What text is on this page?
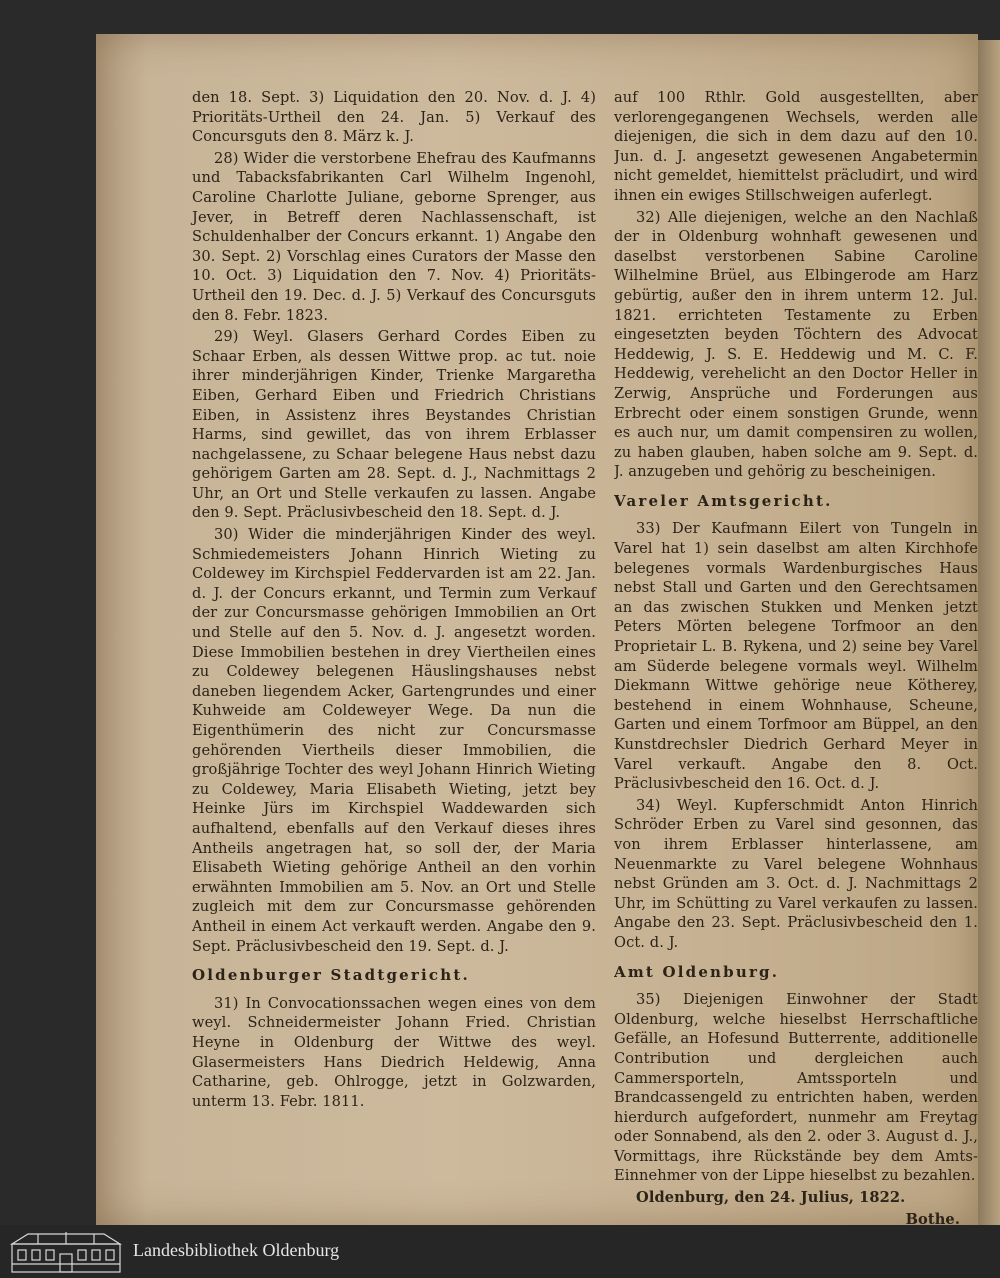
den 18. Sept. 3) Liquidation den 20. Nov. d. J. 4) Prioritäts-Urtheil den 24. Jan. 5) Verkauf des Concursguts den 8. März k. J.

28) Wider die verstorbene Ehefrau des Kaufmanns und Tabacksfabrikanten Carl Wilhelm Ingenohl, Caroline Charlotte Juliane, geborne Sprenger, aus Jever, in Betreff deren Nachlassenschaft, ist Schuldenhalber der Concurs erkannt. 1) Angabe den 30. Sept. 2) Vorschlag eines Curators der Masse den 10. Oct. 3) Liquidation den 7. Nov. 4) Prioritäts-Urtheil den 19. Dec. d. J. 5) Verkauf des Concursguts den 8. Febr. 1823.

29) Weyl. Glasers Gerhard Cordes Eiben zu Schaar Erben, als dessen Wittwe prop. ac tut. noie ihrer minderjährigen Kinder, Trienke Margaretha Eiben, Gerhard Eiben und Friedrich Christians Eiben, in Assistenz ihres Beystandes Christian Harms, sind gewillet, das von ihrem Erblasser nachgelassene, zu Schaar belegene Haus nebst dazu gehörigem Garten am 28. Sept. d. J., Nachmittags 2 Uhr, an Ort und Stelle verkaufen zu lassen. Angabe den 9. Sept. Präclusivbescheid den 18. Sept. d. J.

30) Wider die minderjährigen Kinder des weyl. Schmiedemeisters Johann Hinrich Wieting zu Coldewey im Kirchspiel Feddervarden ist am 22. Jan. d. J. der Concurs erkannt, und Termin zum Verkauf der zur Concursmasse gehörigen Immobilien an Ort und Stelle auf den 5. Nov. d. J. angesetzt worden. Diese Immobilien bestehen in drey Viertheilen eines zu Coldewey belegenen Häuslingshauses nebst daneben liegendem Acker, Gartengrundes und einer Kuhweide am Coldeweyer Wege. Da nun die Eigenthümerin des nicht zur Concursmasse gehörenden Viertheils dieser Immobilien, die großjährige Tochter des weyl Johann Hinrich Wieting zu Coldewey, Maria Elisabeth Wieting, jetzt bey Heinke Jürs im Kirchspiel Waddewarden sich aufhaltend, ebenfalls auf den Verkauf dieses ihres Antheils angetragen hat, so soll der, der Maria Elisabeth Wieting gehörige Antheil an den vorhin erwähnten Immobilien am 5. Nov. an Ort und Stelle zugleich mit dem zur Concursmasse gehörenden Antheil in einem Act verkauft werden. Angabe den 9. Sept. Präclusivbescheid den 19. Sept. d. J.

Oldenburger Stadtgericht.

31) In Convocationssachen wegen eines von dem weyl. Schneidermeister Johann Fried. Christian Heyne in Oldenburg der Wittwe des weyl. Glasermeisters Hans Diedrich Heldewig, Anna Catharine, geb. Ohlrogge, jetzt in Golzwarden, unterm 13. Febr. 1811.

auf 100 Rthlr. Gold ausgestellten, aber verlorengegangenen Wechsels, werden alle diejenigen, die sich in dem dazu auf den 10. Jun. d. J. angesetzt gewesenen Angabetermin nicht gemeldet, hiemittelst präcludirt, und wird ihnen ein ewiges Stillschweigen auferlegt.

32) Alle diejenigen, welche an den Nachlaß der in Oldenburg wohnhaft gewesenen und daselbst verstorbenen Sabine Caroline Wilhelmine Brüel, aus Elbingerode am Harz gebürtig, außer den in ihrem unterm 12. Jul. 1821. errichteten Testamente zu Erben eingesetzten beyden Töchtern des Advocat Heddewig, J. S. E. Heddewig und M. C. F. Heddewig, verehelicht an den Doctor Heller in Zerwig, Ansprüche und Forderungen aus Erbrecht oder einem sonstigen Grunde, wenn es auch nur, um damit compensiren zu wollen, zu haben glauben, haben solche am 9. Sept. d. J. anzugeben und gehörig zu bescheinigen.

Vareler Amtsgericht.

33) Der Kaufmann Eilert von Tungeln in Varel hat 1) sein daselbst am alten Kirchhofe belegenes vormals Wardenburgisches Haus nebst Stall und Garten und den Gerechtsamen an das zwischen Stukken und Menken jetzt Peters Mörten belegene Torfmoor an den Proprietair L. B. Rykena, und 2) seine bey Varel am Süderde belegene vormals weyl. Wilhelm Diekmann Wittwe gehörige neue Kötherey, bestehend in einem Wohnhause, Scheune, Garten und einem Torfmoor am Büppel, an den Kunstdrechsler Diedrich Gerhard Meyer in Varel verkauft. Angabe den 8. Oct. Präclusivbescheid den 16. Oct. d. J.

34) Weyl. Kupferschmidt Anton Hinrich Schröder Erben zu Varel sind gesonnen, das von ihrem Erblasser hinterlassene, am Neuenmarkte zu Varel belegene Wohnhaus nebst Gründen am 3. Oct. d. J. Nachmittags 2 Uhr, im Schütting zu Varel verkaufen zu lassen. Angabe den 23. Sept. Präclusivbescheid den 1. Oct. d. J.

Amt Oldenburg.

35) Diejenigen Einwohner der Stadt Oldenburg, welche hieselbst Herrschaftliche Gefälle, an Hofesund Butterrente, additionelle Contribution und dergleichen auch Cammersporteln, Amtssporteln und Brandcassengeld zu entrichten haben, werden hierdurch aufgefordert, nunmehr am Freytag oder Sonnabend, als den 2. oder 3. August d. J., Vormittags, ihre Rückstände bey dem Amts-Einnehmer von der Lippe hieselbst zu bezahlen.

Oldenburg, den 24. Julius, 1822.

Bothe.

Landesbibliothek Oldenburg
